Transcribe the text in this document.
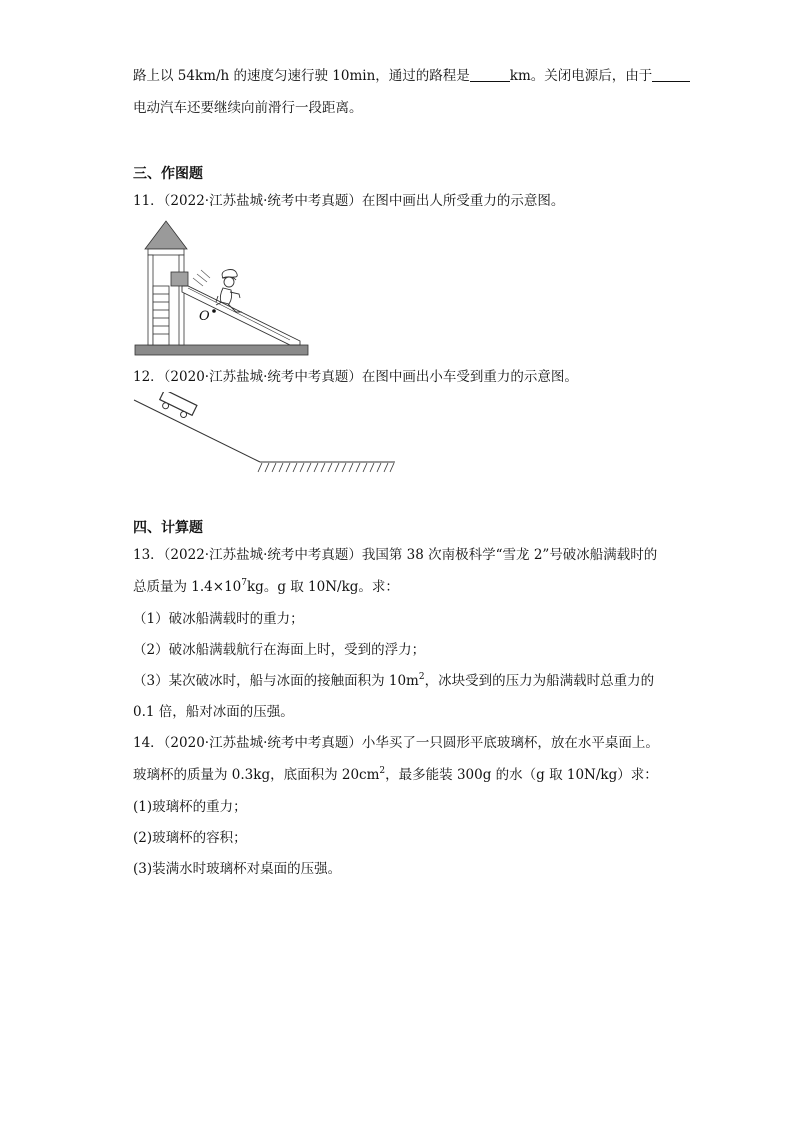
路上以 54km/h 的速度匀速行驶 10min，通过的路程是	km。关闭电源后，由于
电动汽车还要继续向前滑行一段距离。
三、作图题
11．（2022·江苏盐城·统考中考真题）在图中画出人所受重力的示意图。
O
12．（2020·江苏盐城·统考中考真题）在图中画出小车受到重力的示意图。
四、计算题
13．（2022·江苏盐城·统考中考真题）我国第 38 次南极科学“雪龙 2”号破冰船满载时的
总质量为 $1.4\times 10^7kg$。g 取 10N/kg。求：
（1）破冰船满载时的重力；
（2）破冰船满载航行在海面上时，受到的浮力；
（3）某次破冰时，船与冰面的接触面积为 $10m^2$，冰块受到的压力为船满载时总重力的
0.1 倍，船对冰面的压强。
14．（2020·江苏盐城·统考中考真题）小华买了一只圆形平底玻璃杯，放在水平桌面上。
玻璃杯的质量为 0.3kg，底面积为 $20cm^2$，最多能装 300g 的水（g 取 10N/kg）求：
(1)玻璃杯的重力；
(2)玻璃杯的容积；
(3)装满水时玻璃杯对桌面的压强。
